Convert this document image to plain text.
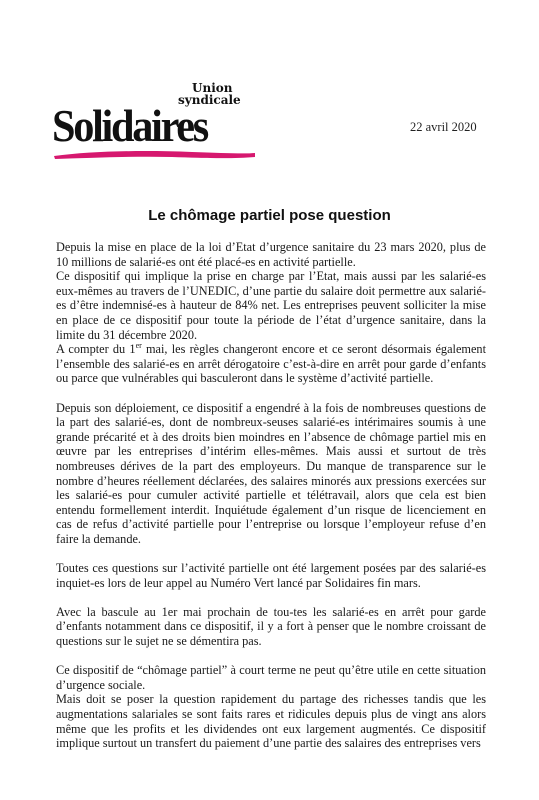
Union
syndicale
Solidaires	22 avril 2020
Le chômage partiel pose question

Depuis la mise en place de la loi d’Etat d’urgence sanitaire du 23 mars 2020, plus de 10 millions de salarié-es ont été placé-es en activité partielle.

Ce dispositif qui implique la prise en charge par l’Etat, mais aussi par les salarié-es eux-mêmes au travers de l’UNEDIC, d’une partie du salaire doit permettre aux salarié-es d’être indemnisé-es à hauteur de 84% net. Les entreprises peuvent solliciter la mise en place de ce dispositif pour toute la période de l’état d’urgence sanitaire, dans la limite du 31 décembre 2020.

A compter du 1er mai, les règles changeront encore et ce seront désormais également l’ensemble des salarié-es en arrêt dérogatoire c’est-à-dire en arrêt pour garde d’enfants ou parce que vulnérables qui basculeront dans le système d’activité partielle.

Depuis son déploiement, ce dispositif a engendré à la fois de nombreuses questions de la part des salarié-es, dont de nombreux-seuses salarié-es intérimaires soumis à une grande précarité et à des droits bien moindres en l’absence de chômage partiel mis en œuvre par les entreprises d’intérim elles-mêmes. Mais aussi et surtout de très nombreuses dérives de la part des employeurs. Du manque de transparence sur le nombre d’heures réellement déclarées, des salaires minorés aux pressions exercées sur les salarié-es pour cumuler activité partielle et télétravail, alors que cela est bien entendu formellement interdit. Inquiétude également d’un risque de licenciement en cas de refus d’activité partielle pour l’entreprise ou lorsque l’employeur refuse d’en faire la demande.

Toutes ces questions sur l’activité partielle ont été largement posées par des salarié-es inquiet-es lors de leur appel au Numéro Vert lancé par Solidaires fin mars.

Avec la bascule au 1er mai prochain de tou-tes les salarié-es en arrêt pour garde d’enfants notamment dans ce dispositif, il y a fort à penser que le nombre croissant de questions sur le sujet ne se démentira pas.

Ce dispositif de “chômage partiel” à court terme ne peut qu’être utile en cette situation d’urgence sociale.

Mais doit se poser la question rapidement du partage des richesses tandis que les augmentations salariales se sont faits rares et ridicules depuis plus de vingt ans alors même que les profits et les dividendes ont eux largement augmentés. Ce dispositif implique surtout un transfert du paiement d’une partie des salaires des entreprises vers
